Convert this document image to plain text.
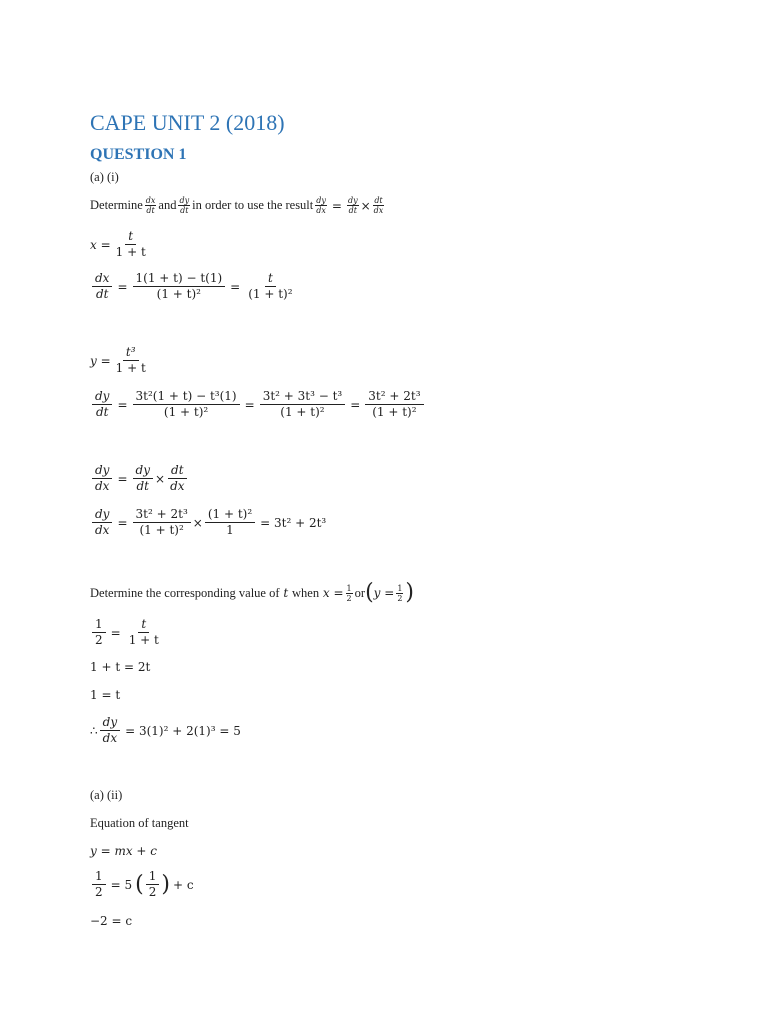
CAPE UNIT 2 (2018)
QUESTION 1
(a) (i)
Determine $\frac{dx}{dt}$ and $\frac{dy}{dt}$ in order to use the result $\frac{dy}{dx} = \frac{dy}{dt} \times \frac{dt}{dx}$
$x = \frac{t}{1 + t}$
$\frac{dx}{dt} = \frac{1(1 + t) - t(1)}{\text{(1 + t)²}} = \frac{t}{\text{(1 + t)²}}$
$y = \frac{\text{t³}}{1 + t}$
$\frac{dy}{dt} = \frac{\text{3t²(1 + t) − t³(1)}}{\text{(1 + t)²}} = \frac{\text{3t² + 3t³ − t³}}{\text{(1 + t)²}} = \frac{\text{3t² + 2t³}}{\text{(1 + t)²}}$
$\frac{dy}{dx} = \frac{dy}{dt} \times \frac{dt}{dx}$
$\frac{dy}{dx} = \frac{\text{3t² + 2t³}}{\text{(1 + t)²}} \times \frac{\text{(1 + t)²}}{1} = 3t^2 + 2t^3$
Determine the corresponding value of
t
when
$x = \frac{1}{2}$ or ( $y = \frac{1}{2}$ )
$\frac{1}{2} = \frac{t}{1 + t}$
1 + t = 2t
1 = t
∴ $\frac{dy}{dx} = 3(1)^2 + 2(1)^3 = 5$
(a) (ii)
Equation of tangent
y = mx + c
$\frac{1}{2} = 5$ ( $\frac{1}{2}$ ) + c
−2 = c
